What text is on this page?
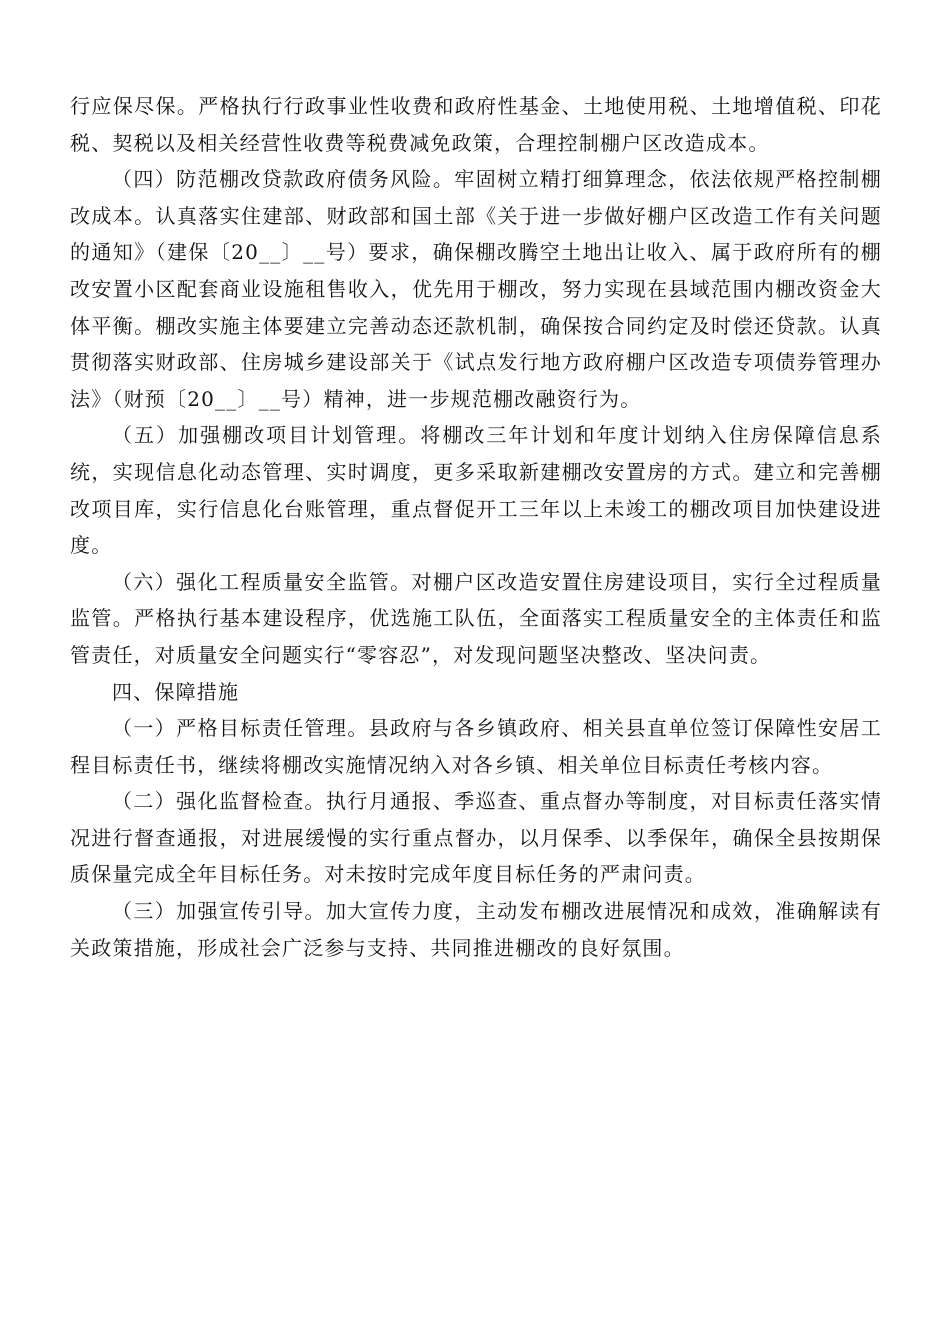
行应保尽保。严格执行行政事业性收费和政府性基金、土地使用税、土地增值税、印花税、契税以及相关经营性收费等税费减免政策，合理控制棚户区改造成本。

（四）防范棚改贷款政府债务风险。牢固树立精打细算理念，依法依规严格控制棚改成本。认真落实住建部、财政部和国土部《关于进一步做好棚户区改造工作有关问题的通知》（建保〔20__〕__号）要求，确保棚改腾空土地出让收入、属于政府所有的棚改安置小区配套商业设施租售收入，优先用于棚改，努力实现在县域范围内棚改资金大体平衡。棚改实施主体要建立完善动态还款机制，确保按合同约定及时偿还贷款。认真贯彻落实财政部、住房城乡建设部关于《试点发行地方政府棚户区改造专项债券管理办法》（财预〔20__〕__号）精神，进一步规范棚改融资行为。

（五）加强棚改项目计划管理。将棚改三年计划和年度计划纳入住房保障信息系统，实现信息化动态管理、实时调度，更多采取新建棚改安置房的方式。建立和完善棚改项目库，实行信息化台账管理，重点督促开工三年以上未竣工的棚改项目加快建设进度。

（六）强化工程质量安全监管。对棚户区改造安置住房建设项目，实行全过程质量监管。严格执行基本建设程序，优选施工队伍，全面落实工程质量安全的主体责任和监管责任，对质量安全问题实行“零容忍”，对发现问题坚决整改、坚决问责。

四、保障措施

（一）严格目标责任管理。县政府与各乡镇政府、相关县直单位签订保障性安居工程目标责任书，继续将棚改实施情况纳入对各乡镇、相关单位目标责任考核内容。

（二）强化监督检查。执行月通报、季巡查、重点督办等制度，对目标责任落实情况进行督查通报，对进展缓慢的实行重点督办，以月保季、以季保年，确保全县按期保质保量完成全年目标任务。对未按时完成年度目标任务的严肃问责。

（三）加强宣传引导。加大宣传力度，主动发布棚改进展情况和成效，准确解读有关政策措施，形成社会广泛参与支持、共同推进棚改的良好氛围。
